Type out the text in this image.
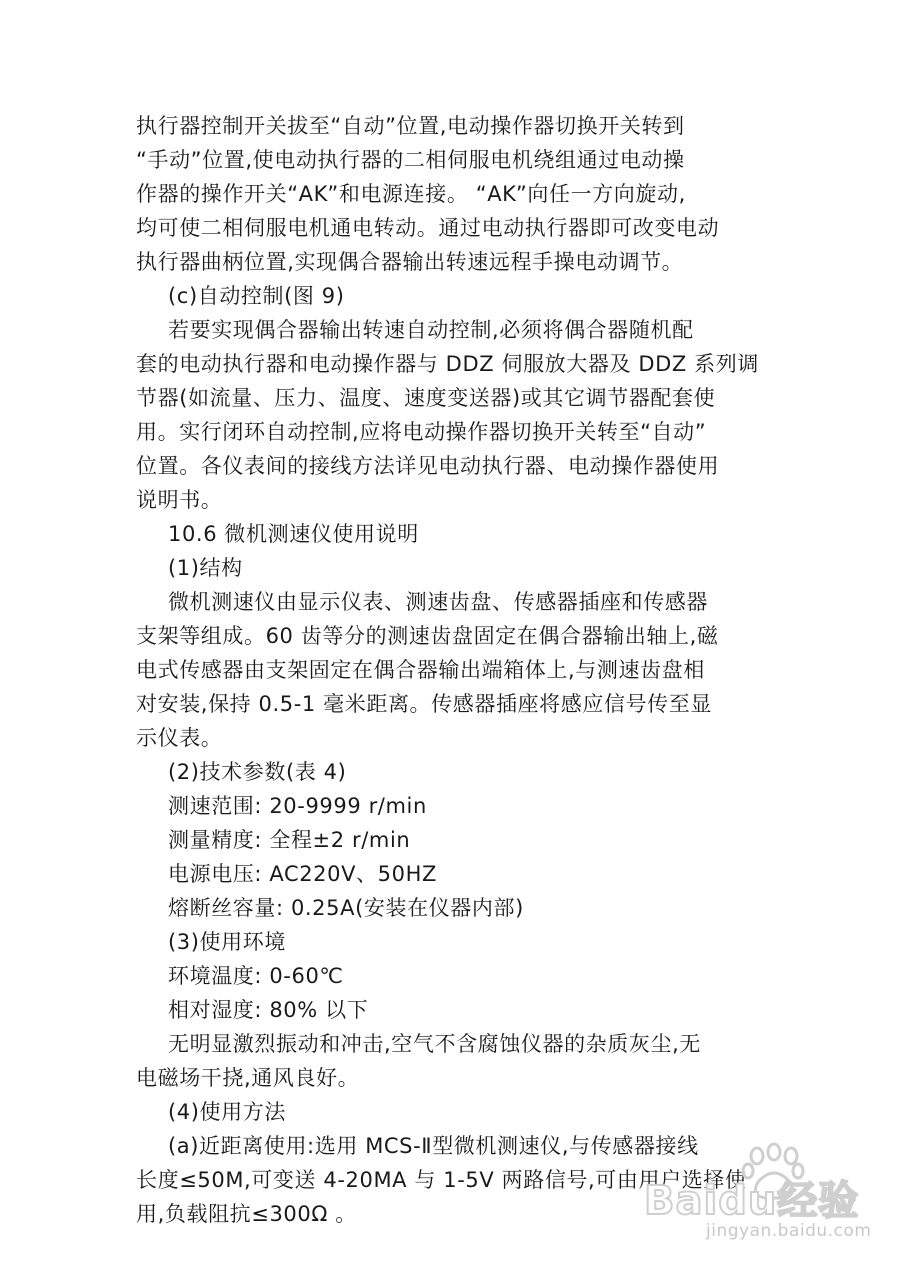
执行器控制开关拔至“自动”位置,电动操作器切换开关转到
“手动”位置,使电动执行器的二相伺服电机绕组通过电动操
作器的操作开关“AK”和电源连接。 “AK”向任一方向旋动,
均可使二相伺服电机通电转动。通过电动执行器即可改变电动
执行器曲柄位置,实现偶合器输出转速远程手操电动调节。
(c)自动控制(图 9)
若要实现偶合器输出转速自动控制,必须将偶合器随机配
套的电动执行器和电动操作器与 DDZ 伺服放大器及 DDZ 系列调
节器(如流量、压力、温度、速度变送器)或其它调节器配套使
用。实行闭环自动控制,应将电动操作器切换开关转至“自动”
位置。各仪表间的接线方法详见电动执行器、电动操作器使用
说明书。
10.6 微机测速仪使用说明
(1)结构
微机测速仪由显示仪表、测速齿盘、传感器插座和传感器
支架等组成。60 齿等分的测速齿盘固定在偶合器输出轴上,磁
电式传感器由支架固定在偶合器输出端箱体上,与测速齿盘相
对安装,保持 0.5-1 毫米距离。传感器插座将感应信号传至显
示仪表。
(2)技术参数(表 4)
测速范围: 20-9999 r/min
测量精度: 全程±2 r/min
电源电压: AC220V、50HZ
熔断丝容量: 0.25A(安装在仪器内部)
(3)使用环境
环境温度: 0-60℃
相对湿度: 80% 以下
无明显激烈振动和冲击,空气不含腐蚀仪器的杂质灰尘,无
电磁场干挠,通风良好。
(4)使用方法
(a)近距离使用:选用 MCS-Ⅱ型微机测速仪,与传感器接线
长度≤50M,可变送 4-20MA 与 1-5V 两路信号,可由用户选择使
用,负载阻抗≤300Ω 。	Baidu经验
jingyan.baidu.com
